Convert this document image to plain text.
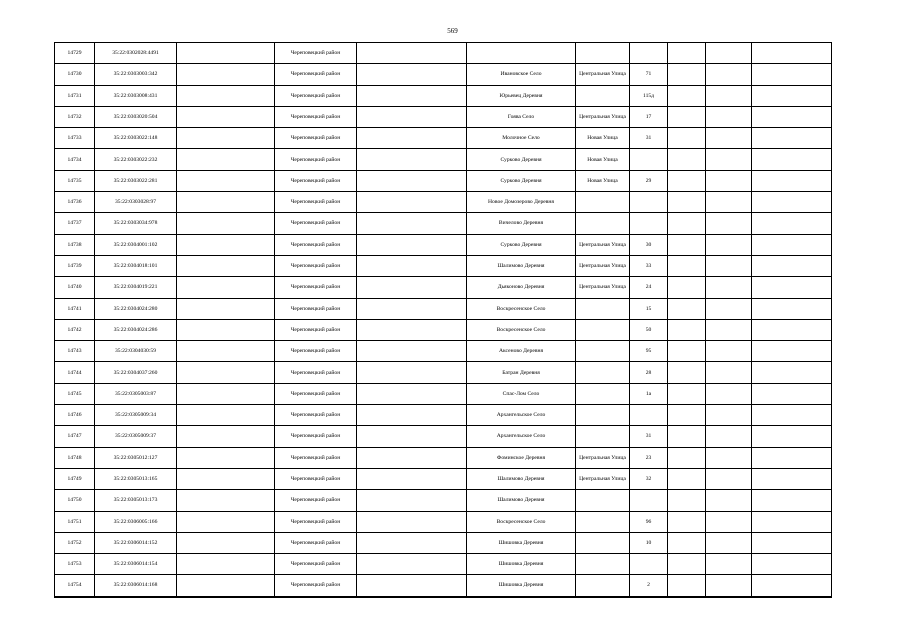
569
14729	35:22:0302028:4491		Череповецкий район							
14730	35:22:0303003:342		Череповецкий район		Ивановское Село	Центральная Улица	71			
14731	35:22:0303008:431		Череповецкий район		Юрьевец Деревня		115д			
14732	35:22:0303020:504		Череповецкий район		Гоява Село	Центральная Улица	17			
14733	35:22:0303022:148		Череповецкий район		Молочное Село	Новая Улица	31			
14734	35:22:0303022:232		Череповецкий район		Сурково Деревня	Новая Улица				
14735	35:22:0303022:281		Череповецкий район		Сурково Деревня	Новая Улица	29			
14736	35:22:0303028:97		Череповецкий район		Новое Домозерово Деревня					
14737	35:22:0303034:978		Череповецкий район		Вичелово Деревня					
14738	35:22:0304001:102		Череповецкий район		Сурково Деревня	Центральная Улица	30			
14739	35:22:0304018:101		Череповецкий район		Шалимово Деревня	Центральная Улица	33			
14740	35:22:0304019:221		Череповецкий район		Дьяконово Деревня	Центральная Улица	24			
14741	35:22:0304024:280		Череповецкий район		Воскресенское Село		15			
14742	35:22:0304024:286		Череповецкий район		Воскресенское Село		50			
14743	35:22:0304030:59		Череповецкий район		Аксеново Деревня		95			
14744	35:22:0304037:260		Череповецкий район		Батран Деревня		28			
14745	35:22:0305003:87		Череповецкий район		Спас-Лом Село		1а			
14746	35:22:0305009:34		Череповецкий район		Архангельское Село					
14747	35:22:0305009:37		Череповецкий район		Архангельское Село		31			
14748	35:22:0305012:127		Череповецкий район		Фоминское Деревня	Центральная Улица	23			
14749	35:22:0305013:165		Череповецкий район		Шалимово Деревня	Центральная Улица	32			
14750	35:22:0305013:173		Череповецкий район		Шалимово Деревня					
14751	35:22:0306005:166		Череповецкий район		Воскресенское Село		96			
14752	35:22:0306014:152		Череповецкий район		Шишовка Деревня		10			
14753	35:22:0306014:154		Череповецкий район		Шишовка Деревня					
14754	35:22:0306014:168		Череповецкий район		Шишовка Деревня		2			
